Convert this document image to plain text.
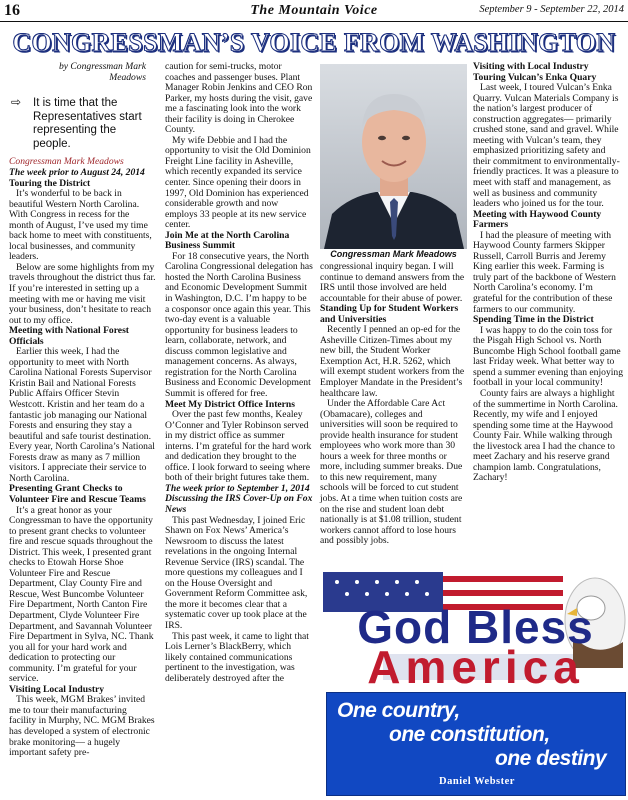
16	The Mountain Voice	September 9 - September 22, 2014
CONGRESSMAN’S VOICE FROM WASHINGTON
by Congressman Mark
Meadows
⇨ It is time that the Representatives start representing the people.
Congressman Mark Meadows
The week prior to August 24, 2014
Touring the District

It’s wonderful to be back in beautiful Western North Carolina. With Congress in recess for the month of August, I’ve used my time back home to meet with constituents, local businesses, and community leaders.

Below are some highlights from my travels throughout the district thus far. If you’re interested in setting up a meeting with me or having me visit your business, don’t hesitate to reach out to my office.

Meeting with National Forest Officials

Earlier this week, I had the opportunity to meet with North Carolina National Forests Supervisor Kristin Bail and National Forests Public Affairs Officer Stevin Westcott. Kristin and her team do a fantastic job managing our National Forests and ensuring they stay a beautiful and safe tourist destination. Every year, North Carolina’s National Forests draw as many as 7 million visitors. I appreciate their service to North Carolina.

Presenting Grant Checks to Volunteer Fire and Rescue Teams

It’s a great honor as your Congressman to have the opportunity to present grant checks to volunteer fire and rescue squads throughout the District. This week, I presented grant checks to Etowah Horse Shoe Volunteer Fire and Rescue Department, Clay County Fire and Rescue, West Buncombe Volunteer Fire Department, North Canton Fire Department, Clyde Volunteer Fire Department, and Savannah Volunteer Fire Department in Sylva, NC. Thank you all for your hard work and dedication to protecting our community. I’m grateful for your service.

Visiting Local Industry

This week, MGM Brakes’ invited me to tour their manufacturing facility in Murphy, NC. MGM Brakes has developed a system of electronic brake monitoring— a hugely important safety pre-

caution for semi-trucks, motor coaches and passenger buses. Plant Manager Robin Jenkins and CEO Ron Parker, my hosts during the visit, gave me a fascinating look into the work their facility is doing in Cherokee County.

My wife Debbie and I had the opportunity to visit the Old Dominion Freight Line facility in Asheville, which recently expanded its service center. Since opening their doors in 1997, Old Dominion has experienced considerable growth and now employs 33 people at its new service center.

Join Me at the North Carolina Business Summit

For 18 consecutive years, the North Carolina Congressional delegation has hosted the North Carolina Business and Economic Development Summit in Washington, D.C. I’m happy to be a cosponsor once again this year. This two-day event is a valuable opportunity for business leaders to learn, collaborate, network, and discuss common legislative and management concerns. As always, registration for the North Carolina Business and Economic Development Summit is offered for free.

Meet My District Office Interns

Over the past few months, Kealey O’Conner and Tyler Robinson served in my district office as summer interns. I’m grateful for the hard work and dedication they brought to the office. I look forward to seeing where both of their bright futures take them.

The week prior to September 1, 2014
Discussing the IRS Cover-Up on Fox News

This past Wednesday, I joined Eric Shawn on Fox News’ America’s Newsroom to discuss the latest revelations in the ongoing Internal Revenue Service (IRS) scandal. The more questions my colleagues and I on the House Oversight and Government Reform Committee ask, the more it becomes clear that a systematic cover up took place at the IRS.

This past week, it came to light that Lois Lerner’s BlackBerry, which likely contained communications pertinent to the investigation, was deliberately destroyed after the

Congressman Mark Meadows

congressional inquiry began. I will continue to demand answers from the IRS until those involved are held accountable for their abuse of power.

Standing Up for Student Workers and Universities

Recently I penned an op-ed for the Asheville Citizen-Times about my new bill, the Student Worker Exemption Act, H.R. 5262, which will exempt student workers from the Employer Mandate in the President’s healthcare law.

Under the Affordable Care Act (Obamacare), colleges and universities will soon be required to provide health insurance for student employees who work more than 30 hours a week for three months or more, including summer breaks. Due to this new requirement, many schools will be forced to cut student jobs. At a time when tuition costs are on the rise and student loan debt nationally is at $1.08 trillion, student workers cannot afford to lose hours and possibly jobs.

Visiting with Local Industry Touring Vulcan’s Enka Quary

Last week, I toured Vulcan’s Enka Quarry. Vulcan Materials Company is the nation’s largest producer of construction aggregates— primarily crushed stone, sand and gravel. While meeting with Vulcan’s team, they emphasized prioritizing safety and their commitment to environmentally-friendly practices. It was a pleasure to meet with staff and management, as well as business and community leaders who joined us for the tour.

Meeting with Haywood County Farmers

I had the pleasure of meeting with Haywood County farmers Skipper Russell, Carroll Burris and Jeremy King earlier this week. Farming is truly part of the backbone of Western North Carolina’s economy. I’m grateful for the contribution of these farmers to our community.

Spending Time in the District

I was happy to do the coin toss for the Pisgah High School vs. North Buncombe High School football game last Friday week. What better way to spend a summer evening than enjoying football in your local community!

County fairs are always a highlight of the summertime in North Carolina. Recently, my wife and I enjoyed spending some time at the Haywood County Fair. While walking through the livestock area I had the chance to meet Zachary and his reserve grand champion lamb. Congratulations, Zachary!

God Bless
America
One country,
one constitution,
one destiny
Daniel Webster
